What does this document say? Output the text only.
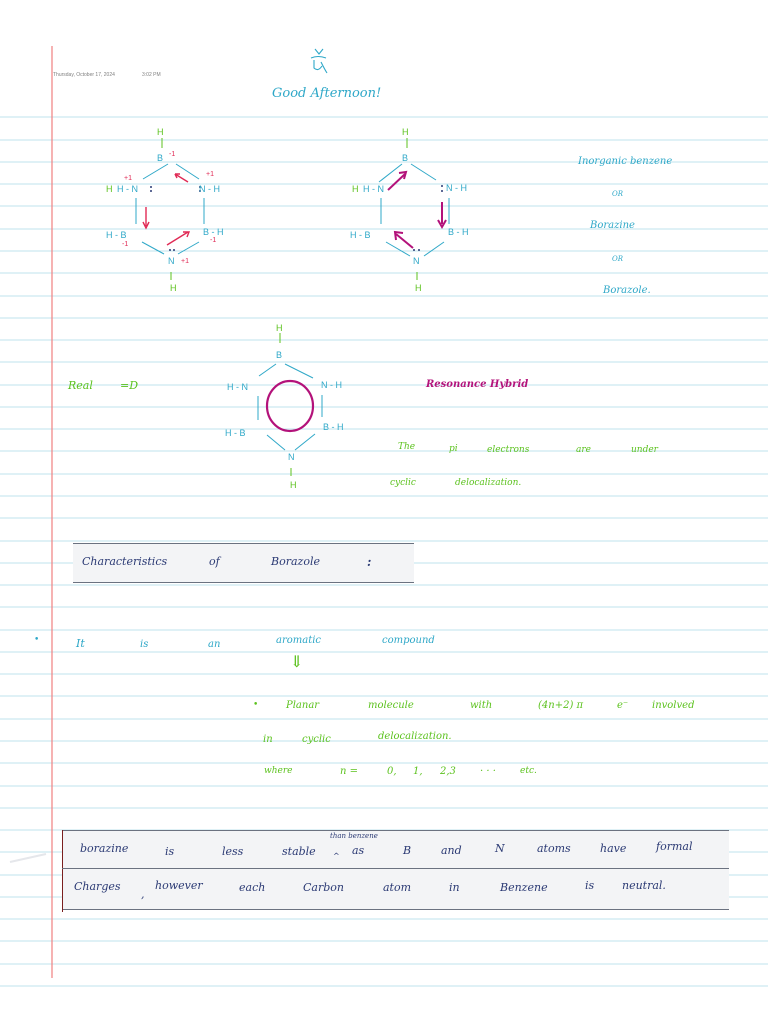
Thursday, October 17, 2024	3:02 PM
Good Afternoon!
H
B -1
H H - N
+1
N - H
+1
H - B
-1
B - H
-1
N +1
H
H
B
H H - N	N - H
H - B	B - H
N
H
Inorganic benzene
OR
Borazine
OR
Borazole.
Real =D
H
B
H - N	N - H
H - B
B - H
N
H
Resonance Hybrid
The	pi	electrons	are	under
cyclic	delocalization.
Characteristics	of	Borazole	:
•	It	is	an	aromatic	compound
⇓
•	Planar	molecule	with	(4n+2) π	e⁻ involved
in	cyclic	delocalization.
where	n =	0, 1, 2,3 · · ·	etc.
than benzene
borazine	is	less	stable ^ as	B	and	N	atoms	have	formal
Charges
,
however	each	Carbon	atom	in	Benzene	is	neutral.
